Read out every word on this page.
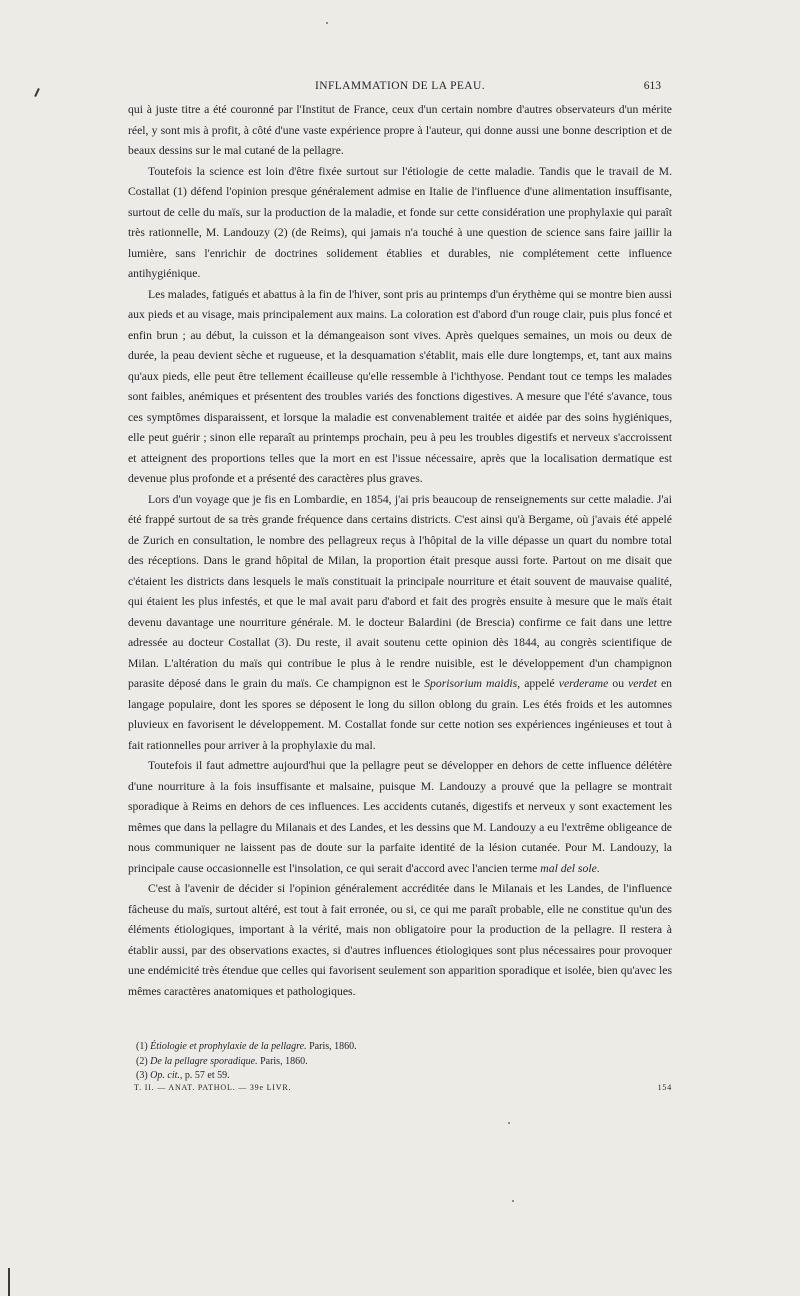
INFLAMMATION DE LA PEAU.	613

qui à juste titre a été couronné par l'Institut de France, ceux d'un certain nombre d'autres observateurs d'un mérite réel, y sont mis à profit, à côté d'une vaste expérience propre à l'auteur, qui donne aussi une bonne description et de beaux dessins sur le mal cutané de la pellagre.

Toutefois la science est loin d'être fixée surtout sur l'étiologie de cette maladie. Tandis que le travail de M. Costallat (1) défend l'opinion presque généralement admise en Italie de l'influence d'une alimentation insuffisante, surtout de celle du maïs, sur la production de la maladie, et fonde sur cette considération une prophylaxie qui paraît très rationnelle, M. Landouzy (2) (de Reims), qui jamais n'a touché à une question de science sans faire jaillir la lumière, sans l'enrichir de doctrines solidement établies et durables, nie complétement cette influence antihygiénique.

Les malades, fatigués et abattus à la fin de l'hiver, sont pris au printemps d'un érythème qui se montre bien aussi aux pieds et au visage, mais principalement aux mains. La coloration est d'abord d'un rouge clair, puis plus foncé et enfin brun ; au début, la cuisson et la démangeaison sont vives. Après quelques semaines, un mois ou deux de durée, la peau devient sèche et rugueuse, et la desquamation s'établit, mais elle dure longtemps, et, tant aux mains qu'aux pieds, elle peut être tellement écailleuse qu'elle ressemble à l'ichthyose. Pendant tout ce temps les malades sont faibles, anémiques et présentent des troubles variés des fonctions digestives. A mesure que l'été s'avance, tous ces symptômes disparaissent, et lorsque la maladie est convenablement traitée et aidée par des soins hygiéniques, elle peut guérir ; sinon elle reparaît au printemps prochain, peu à peu les troubles digestifs et nerveux s'accroissent et atteignent des proportions telles que la mort en est l'issue nécessaire, après que la localisation dermatique est devenue plus profonde et a présenté des caractères plus graves.

Lors d'un voyage que je fis en Lombardie, en 1854, j'ai pris beaucoup de renseignements sur cette maladie. J'ai été frappé surtout de sa très grande fréquence dans certains districts. C'est ainsi qu'à Bergame, où j'avais été appelé de Zurich en consultation, le nombre des pellagreux reçus à l'hôpital de la ville dépasse un quart du nombre total des réceptions. Dans le grand hôpital de Milan, la proportion était presque aussi forte. Partout on me disait que c'étaient les districts dans lesquels le maïs constituait la principale nourriture et était souvent de mauvaise qualité, qui étaient les plus infestés, et que le mal avait paru d'abord et fait des progrès ensuite à mesure que le maïs était devenu davantage une nourriture générale. M. le docteur Balardini (de Brescia) confirme ce fait dans une lettre adressée au docteur Costallat (3). Du reste, il avait soutenu cette opinion dès 1844, au congrès scientifique de Milan. L'altération du maïs qui contribue le plus à le rendre nuisible, est le développement d'un champignon parasite déposé dans le grain du maïs. Ce champignon est le Sporisorium maidis, appelé verderame ou verdet en langage populaire, dont les spores se déposent le long du sillon oblong du grain. Les étés froids et les automnes pluvieux en favorisent le développement. M. Costallat fonde sur cette notion ses expériences ingénieuses et tout à fait rationnelles pour arriver à la prophylaxie du mal.

Toutefois il faut admettre aujourd'hui que la pellagre peut se développer en dehors de cette influence délétère d'une nourriture à la fois insuffisante et malsaine, puisque M. Landouzy a prouvé que la pellagre se montrait sporadique à Reims en dehors de ces influences. Les accidents cutanés, digestifs et nerveux y sont exactement les mêmes que dans la pellagre du Milanais et des Landes, et les dessins que M. Landouzy a eu l'extrême obligeance de nous communiquer ne laissent pas de doute sur la parfaite identité de la lésion cutanée. Pour M. Landouzy, la principale cause occasionnelle est l'insolation, ce qui serait d'accord avec l'ancien terme mal del sole.

C'est à l'avenir de décider si l'opinion généralement accréditée dans le Milanais et les Landes, de l'influence fâcheuse du maïs, surtout altéré, est tout à fait erronée, ou si, ce qui me paraît probable, elle ne constitue qu'un des éléments étiologiques, important à la vérité, mais non obligatoire pour la production de la pellagre. Il restera à établir aussi, par des observations exactes, si d'autres influences étiologiques sont plus nécessaires pour provoquer une endémicité très étendue que celles qui favorisent seulement son apparition sporadique et isolée, bien qu'avec les mêmes caractères anatomiques et pathologiques.

(1) Étiologie et prophylaxie de la pellagre. Paris, 1860.

(2) De la pellagre sporadique. Paris, 1860.

(3) Op. cit., p. 57 et 59.

T. II. — ANAT. PATHOL. — 39e LIVR.	154
